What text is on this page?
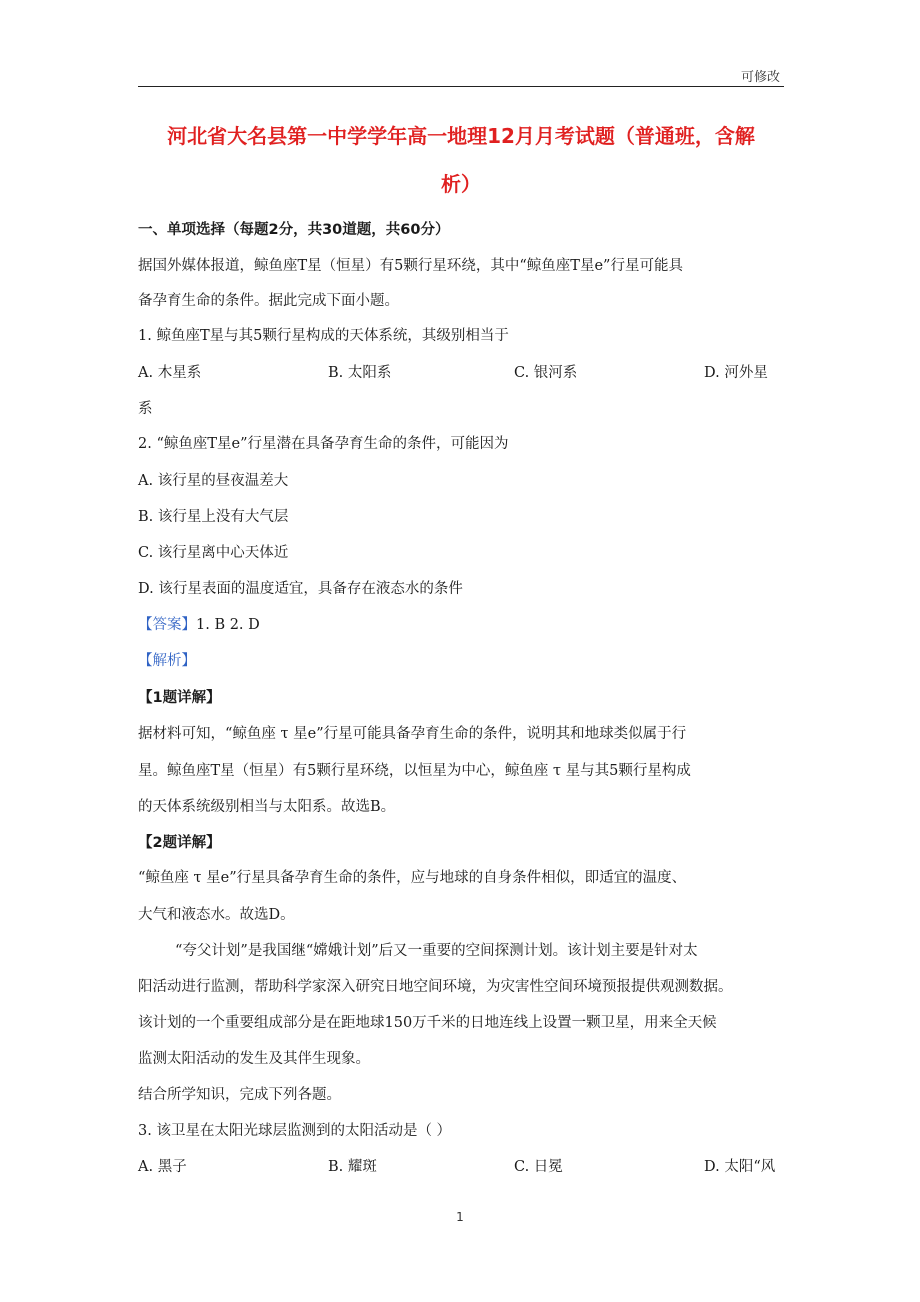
可修改
河北省大名县第一中学学年高一地理12月月考试题（普通班，含解
析）
一、单项选择（每题2分，共30道题，共60分）
据国外媒体报道，鲸鱼座T星（恒星）有5颗行星环绕，其中“鲸鱼座T星e”行星可能具
备孕育生命的条件。据此完成下面小题。
1. 鲸鱼座T星与其5颗行星构成的天体系统，其级别相当于
A. 木星系	B. 太阳系	C. 银河系	D. 河外星
系
2. “鲸鱼座T星e”行星潜在具备孕育生命的条件，可能因为
A. 该行星的昼夜温差大
B. 该行星上没有大气层
C. 该行星离中心天体近
D. 该行星表面的温度适宜，具备存在液态水的条件
【答案】1. B 2. D
【解析】
【1题详解】
据材料可知，“鲸鱼座 τ 星e”行星可能具备孕育生命的条件，说明其和地球类似属于行
星。鲸鱼座T星（恒星）有5颗行星环绕，以恒星为中心，鲸鱼座 τ 星与其5颗行星构成
的天体系统级别相当与太阳系。故选B。
【2题详解】
“鲸鱼座 τ 星e”行星具备孕育生命的条件，应与地球的自身条件相似，即适宜的温度、
大气和液态水。故选D。
“夸父计划”是我国继“嫦娥计划”后又一重要的空间探测计划。该计划主要是针对太
阳活动进行监测，帮助科学家深入研究日地空间环境，为灾害性空间环境预报提供观测数据。
该计划的一个重要组成部分是在距地球150万千米的日地连线上设置一颗卫星，用来全天候
监测太阳活动的发生及其伴生现象。
结合所学知识，完成下列各题。
3. 该卫星在太阳光球层监测到的太阳活动是（ ）
A. 黑子	B. 耀斑	C. 日冕	D. 太阳“风
1
